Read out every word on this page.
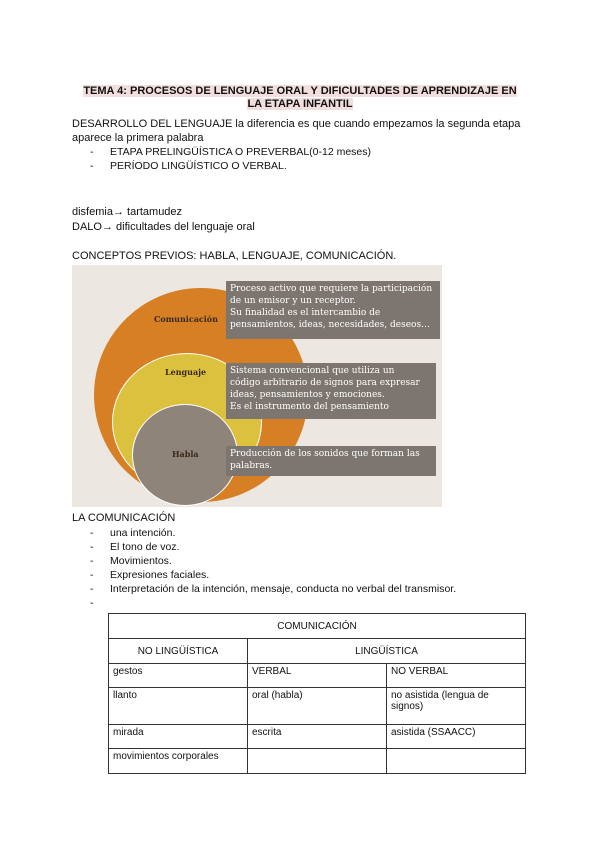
TEMA 4: PROCESOS DE LENGUAJE ORAL Y DIFICULTADES DE APRENDIZAJE EN
LA ETAPA INFANTIL
DESARROLLO DEL LENGUAJE la diferencia es que cuando empezamos la segunda etapa
aparece la primera palabra
- ETAPA PRELINGÜÍSTICA O PREVERBAL(0-12 meses)
- PERÍODO LINGÜÍSTICO O VERBAL.
disfemia→ tartamudez
DALO→ dificultades del lenguaje oral
CONCEPTOS PREVIOS: HABLA, LENGUAJE, COMUNICACIÓN.
Comunicación
Lenguaje
Habla
Proceso activo que requiere la participación
de un emisor y un receptor.
Su finalidad es el intercambio de
pensamientos, ideas, necesidades, deseos…
Sistema convencional que utiliza un
código arbitrario de signos para expresar
ideas, pensamientos y emociones.
Es el instrumento del pensamiento
Producción de los sonidos que forman las
palabras.
LA COMUNICACIÓN
- una intención.
- El tono de voz.
- Movimientos.
- Expresiones faciales.
- Interpretación de la intención, mensaje, conducta no verbal del transmisor.
COMUNICACIÓN		
NO LINGÜÍSTICA	LINGÜÍSTICA	
gestos	VERBAL	NO VERBAL
llanto	oral (habla)	no asistida (lengua de signos)
mirada	escrita	asistida (SSAACC)
movimientos corporales		
